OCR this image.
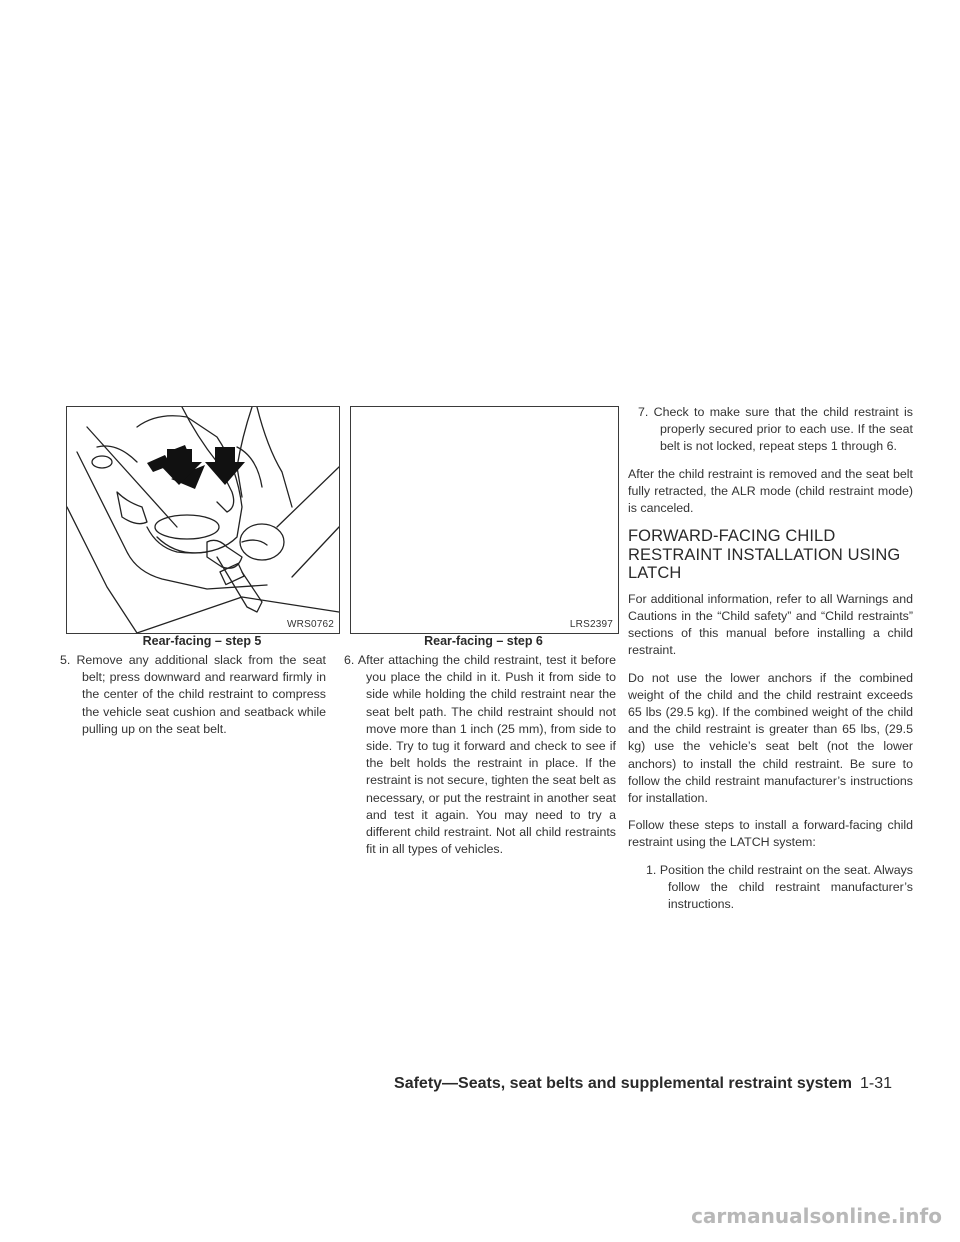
WRS0762
Rear-facing – step 5
LRS2397
Rear-facing – step 6

5. Remove any additional slack from the seat belt; press downward and rearward firmly in the center of the child restraint to compress the vehicle seat cushion and seatback while pulling up on the seat belt.

6. After attaching the child restraint, test it before you place the child in it. Push it from side to side while holding the child restraint near the seat belt path. The child restraint should not move more than 1 inch (25 mm), from side to side. Try to tug it forward and check to see if the belt holds the restraint in place. If the restraint is not secure, tighten the seat belt as necessary, or put the restraint in another seat and test it again. You may need to try a different child restraint. Not all child restraints fit in all types of vehicles.

7. Check to make sure that the child restraint is properly secured prior to each use. If the seat belt is not locked, repeat steps 1 through 6.

After the child restraint is removed and the seat belt fully retracted, the ALR mode (child restraint mode) is canceled.

FORWARD-FACING CHILD RESTRAINT INSTALLATION USING LATCH

For additional information, refer to all Warnings and Cautions in the “Child safety” and “Child restraints” sections of this manual before installing a child restraint.

Do not use the lower anchors if the combined weight of the child and the child restraint exceeds 65 lbs (29.5 kg). If the combined weight of the child and the child restraint is greater than 65 lbs, (29.5 kg) use the vehicle’s seat belt (not the lower anchors) to install the child restraint. Be sure to follow the child restraint manufacturer’s instructions for installation.

Follow these steps to install a forward-facing child restraint using the LATCH system:

1. Position the child restraint on the seat. Always follow the child restraint manufacturer’s instructions.

Safety—Seats, seat belts and supplemental restraint system 1-31
carmanualsonline.info
